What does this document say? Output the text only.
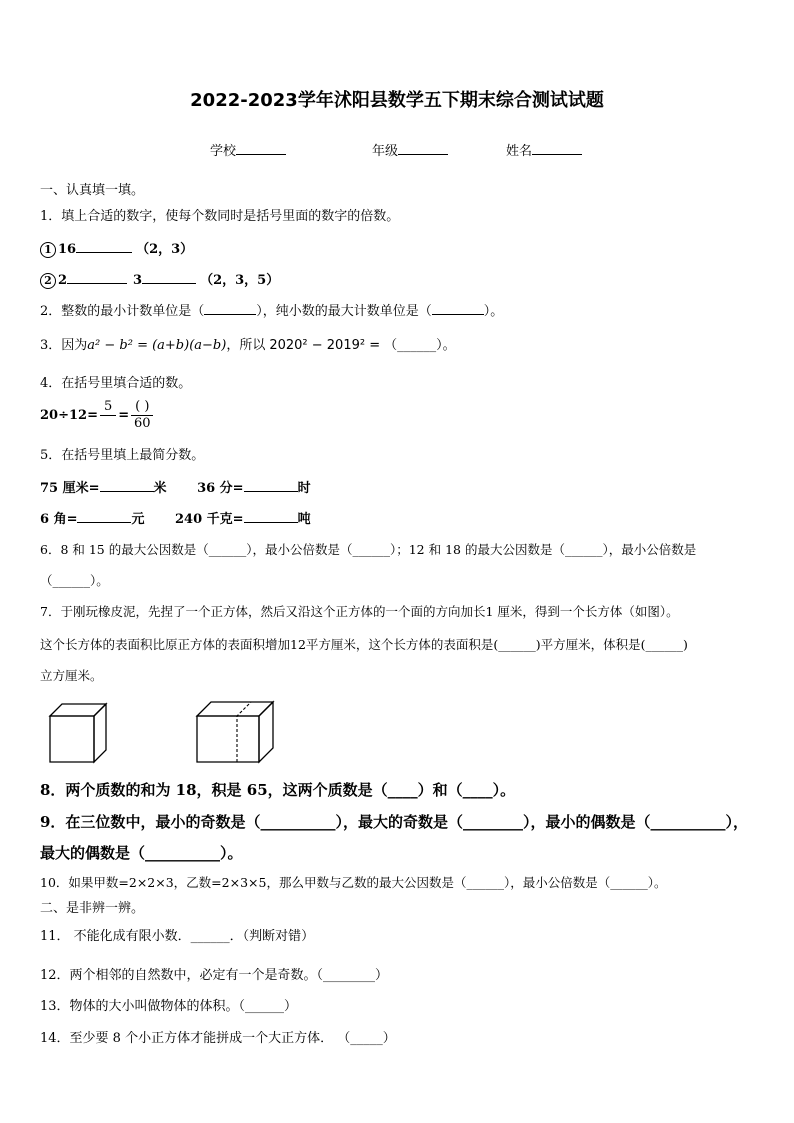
2022-2023学年沭阳县数学五下期末综合测试试题
学校	年级	姓名
一、认真填一填。
1．填上合适的数字，使每个数同时是括号里面的数字的倍数。
1 16	（2，3）
2 2	3	（2，3，5）
2．整数的最小计数单位是（	），纯小数的最大计数单位是（	）。
3．因为a² − b² = (a+b)(a−b)，所以 2020² − 2019² = （______）。
4．在括号里填合适的数。
20÷12=
5

= $\frac{( )}{60}$
5．在括号里填上最简分数。
75 厘米=	米 36 分=	时
6 角=	元 240 千克=	吨
6．8 和 15 的最大公因数是（______），最小公倍数是（______）；12 和 18 的最大公因数是（______），最小公倍数是
（______）。
7．于刚玩橡皮泥，先捏了一个正方体，然后又沿这个正方体的一个面的方向加长1 厘米，得到一个长方体（如图）。
这个长方体的表面积比原正方体的表面积增加12平方厘米，这个长方体的表面积是(______)平方厘米，体积是(______)
立方厘米。
8．两个质数的和为 18，积是 65，这两个质数是（____）和（____）。
9．在三位数中，最小的奇数是（__________），最大的奇数是（________），最小的偶数是（__________），
最大的偶数是（__________）。
10．如果甲数=2×2×3，乙数=2×3×5，那么甲数与乙数的最大公因数是（______），最小公倍数是（______）。
二、是非辨一辨。
11． 不能化成有限小数．______．（判断对错）
12．两个相邻的自然数中，必定有一个是奇数。（________）
13．物体的大小叫做物体的体积。（______）
14．至少要 8 个小正方体才能拼成一个大正方体． （_____）
